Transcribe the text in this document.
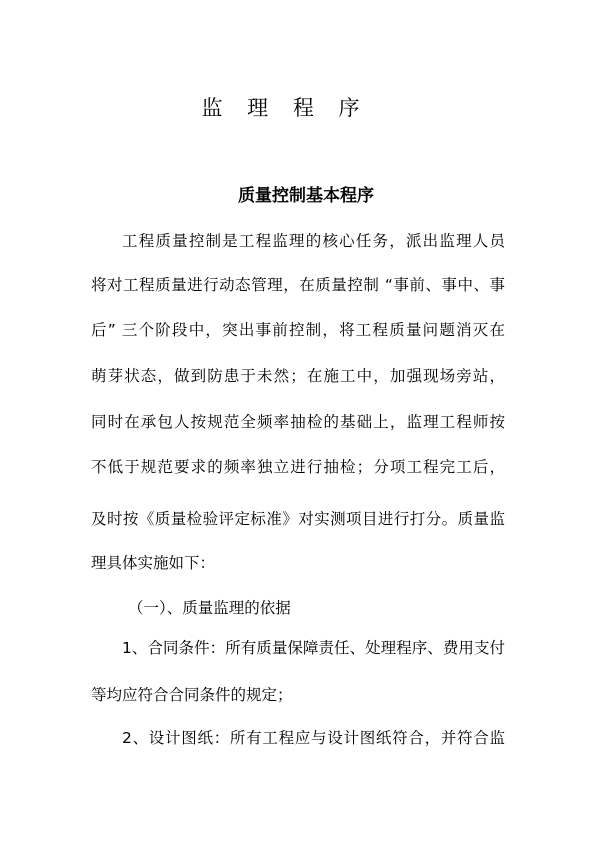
监 理 程 序
质量控制基本程序
工程质量控制是工程监理的核心任务，派出监理人员
将对工程质量进行动态管理，在质量控制 “事前、事中、事
后” 三个阶段中，突出事前控制，将工程质量问题消灭在
萌芽状态，做到防患于未然；在施工中，加强现场旁站，
同时在承包人按规范全频率抽检的基础上，监理工程师按
不低于规范要求的频率独立进行抽检；分项工程完工后，
及时按《质量检验评定标准》对实测项目进行打分。质量监
理具体实施如下：
（一）、质量监理的依据
1、合同条件：所有质量保障责任、处理程序、费用支付
等均应符合合同条件的规定；
2、设计图纸：所有工程应与设计图纸符合，并符合监
